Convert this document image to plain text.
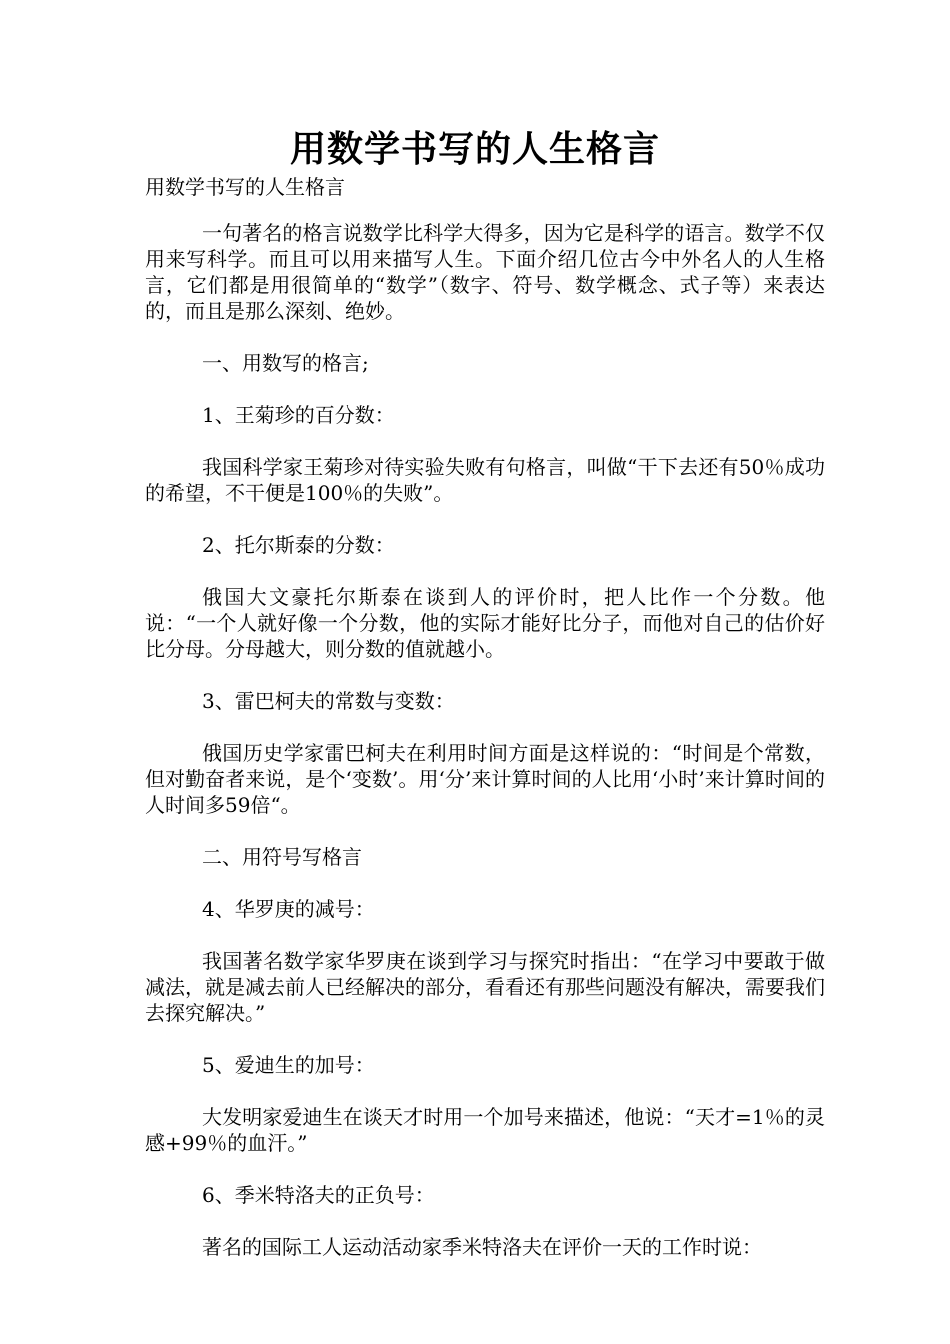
用数学书写的人生格言
用数学书写的人生格言

一句著名的格言说数学比科学大得多，因为它是科学的语言。数学不仅用来写科学。而且可以用来描写人生。下面介绍几位古今中外名人的人生格言，它们都是用很简单的“数学”（数字、符号、数学概念、式子等）来表达的，而且是那么深刻、绝妙。

一、用数写的格言;

1、王菊珍的百分数：

我国科学家王菊珍对待实验失败有句格言，叫做“干下去还有50％成功的希望，不干便是100％的失败”。

2、托尔斯泰的分数：

俄国大文豪托尔斯泰在谈到人的评价时，把人比作一个分数。他说：“一个人就好像一个分数，他的实际才能好比分子，而他对自己的估价好比分母。分母越大，则分数的值就越小。

3、雷巴柯夫的常数与变数：

俄国历史学家雷巴柯夫在利用时间方面是这样说的：“时间是个常数，但对勤奋者来说，是个‘变数’。用‘分’来计算时间的人比用‘小时’来计算时间的人时间多59倍“。

二、用符号写格言

4、华罗庚的减号：

我国著名数学家华罗庚在谈到学习与探究时指出：“在学习中要敢于做减法，就是减去前人已经解决的部分，看看还有那些问题没有解决，需要我们去探究解决。”

5、爱迪生的加号：

大发明家爱迪生在谈天才时用一个加号来描述，他说：“天才=1％的灵感+99％的血汗。”

6、季米特洛夫的正负号：

著名的国际工人运动活动家季米特洛夫在评价一天的工作时说：
